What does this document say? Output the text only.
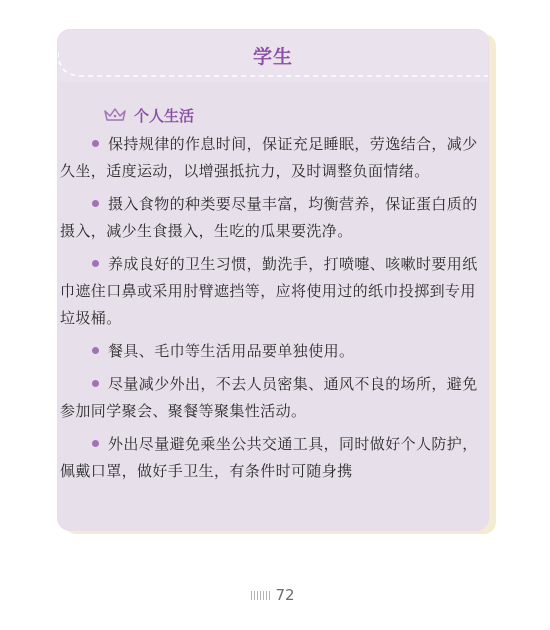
学生
个人生活

保持规律的作息时间，保证充足睡眠，劳逸结合，减少久坐，适度运动，以增强抵抗力，及时调整负面情绪。

摄入食物的种类要尽量丰富，均衡营养，保证蛋白质的摄入，减少生食摄入，生吃的瓜果要洗净。

养成良好的卫生习惯，勤洗手，打喷嚏、咳嗽时要用纸巾遮住口鼻或采用肘臂遮挡等，应将使用过的纸巾投掷到专用垃圾桶。

餐具、毛巾等生活用品要单独使用。

尽量减少外出，不去人员密集、通风不良的场所，避免参加同学聚会、聚餐等聚集性活动。

外出尽量避免乘坐公共交通工具，同时做好个人防护，佩戴口罩，做好手卫生，有条件时可随身携

72
